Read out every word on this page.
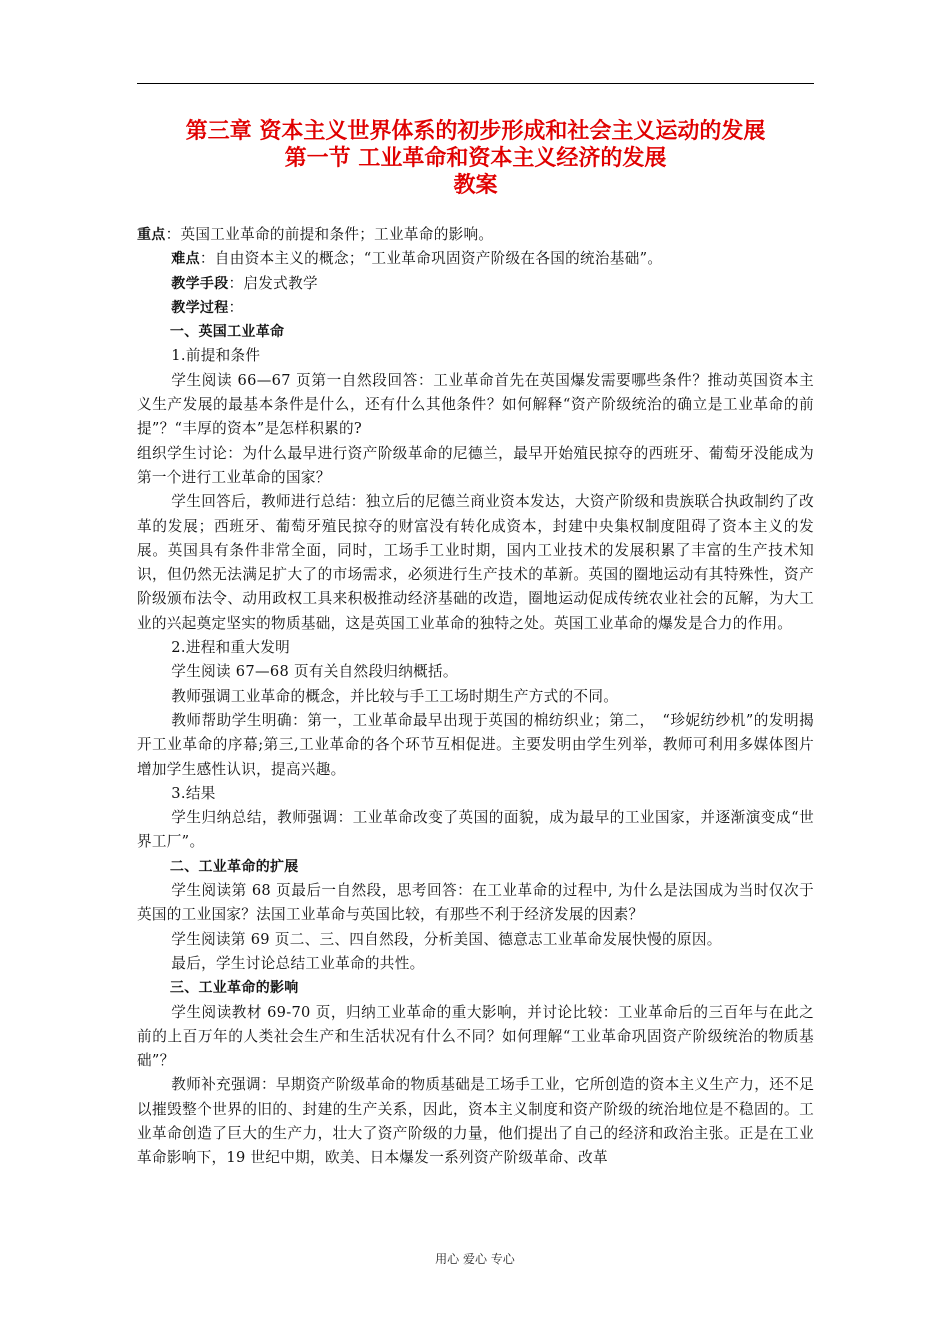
第三章 资本主义世界体系的初步形成和社会主义运动的发展
第一节 工业革命和资本主义经济的发展
教案

重点：英国工业革命的前提和条件；工业革命的影响。

难点：自由资本主义的概念；“工业革命巩固资产阶级在各国的统治基础”。

教学手段：启发式教学

教学过程：

一、英国工业革命

1.前提和条件

学生阅读 66—67 页第一自然段回答：工业革命首先在英国爆发需要哪些条件？推动英国资本主义生产发展的最基本条件是什么，还有什么其他条件？如何解释“资产阶级统治的确立是工业革命的前提”？“丰厚的资本”是怎样积累的?

组织学生讨论：为什么最早进行资产阶级革命的尼德兰，最早开始殖民掠夺的西班牙、葡萄牙没能成为第一个进行工业革命的国家？

学生回答后，教师进行总结：独立后的尼德兰商业资本发达，大资产阶级和贵族联合执政制约了改革的发展；西班牙、葡萄牙殖民掠夺的财富没有转化成资本，封建中央集权制度阻碍了资本主义的发展。英国具有条件非常全面，同时，工场手工业时期，国内工业技术的发展积累了丰富的生产技术知识，但仍然无法满足扩大了的市场需求，必须进行生产技术的革新。英国的圈地运动有其特殊性，资产阶级颁布法令、动用政权工具来积极推动经济基础的改造，圈地运动促成传统农业社会的瓦解，为大工业的兴起奠定坚实的物质基础，这是英国工业革命的独特之处。英国工业革命的爆发是合力的作用。

2.进程和重大发明

学生阅读 67—68 页有关自然段归纳概括。

教师强调工业革命的概念，并比较与手工工场时期生产方式的不同。

教师帮助学生明确：第一，工业革命最早出现于英国的棉纺织业；第二，　“珍妮纺纱机”的发明揭开工业革命的序幕;第三,工业革命的各个环节互相促进。主要发明由学生列举，教师可利用多媒体图片增加学生感性认识，提高兴趣。

3.结果

学生归纳总结，教师强调：工业革命改变了英国的面貌，成为最早的工业国家，并逐渐演变成“世界工厂”。

二、工业革命的扩展

学生阅读第 68 页最后一自然段，思考回答：在工业革命的过程中, 为什么是法国成为当时仅次于英国的工业国家？法国工业革命与英国比较，有那些不利于经济发展的因素？

学生阅读第 69 页二、三、四自然段，分析美国、德意志工业革命发展快慢的原因。

最后，学生讨论总结工业革命的共性。

三、工业革命的影响

学生阅读教材 69-70 页，归纳工业革命的重大影响，并讨论比较：工业革命后的三百年与在此之前的上百万年的人类社会生产和生活状况有什么不同？如何理解“工业革命巩固资产阶级统治的物质基础”？

教师补充强调：早期资产阶级革命的物质基础是工场手工业，它所创造的资本主义生产力，还不足以摧毁整个世界的旧的、封建的生产关系，因此，资本主义制度和资产阶级的统治地位是不稳固的。工业革命创造了巨大的生产力，壮大了资产阶级的力量，他们提出了自己的经济和政治主张。正是在工业革命影响下，19 世纪中期，欧美、日本爆发一系列资产阶级革命、改革

用心 爱心 专心
